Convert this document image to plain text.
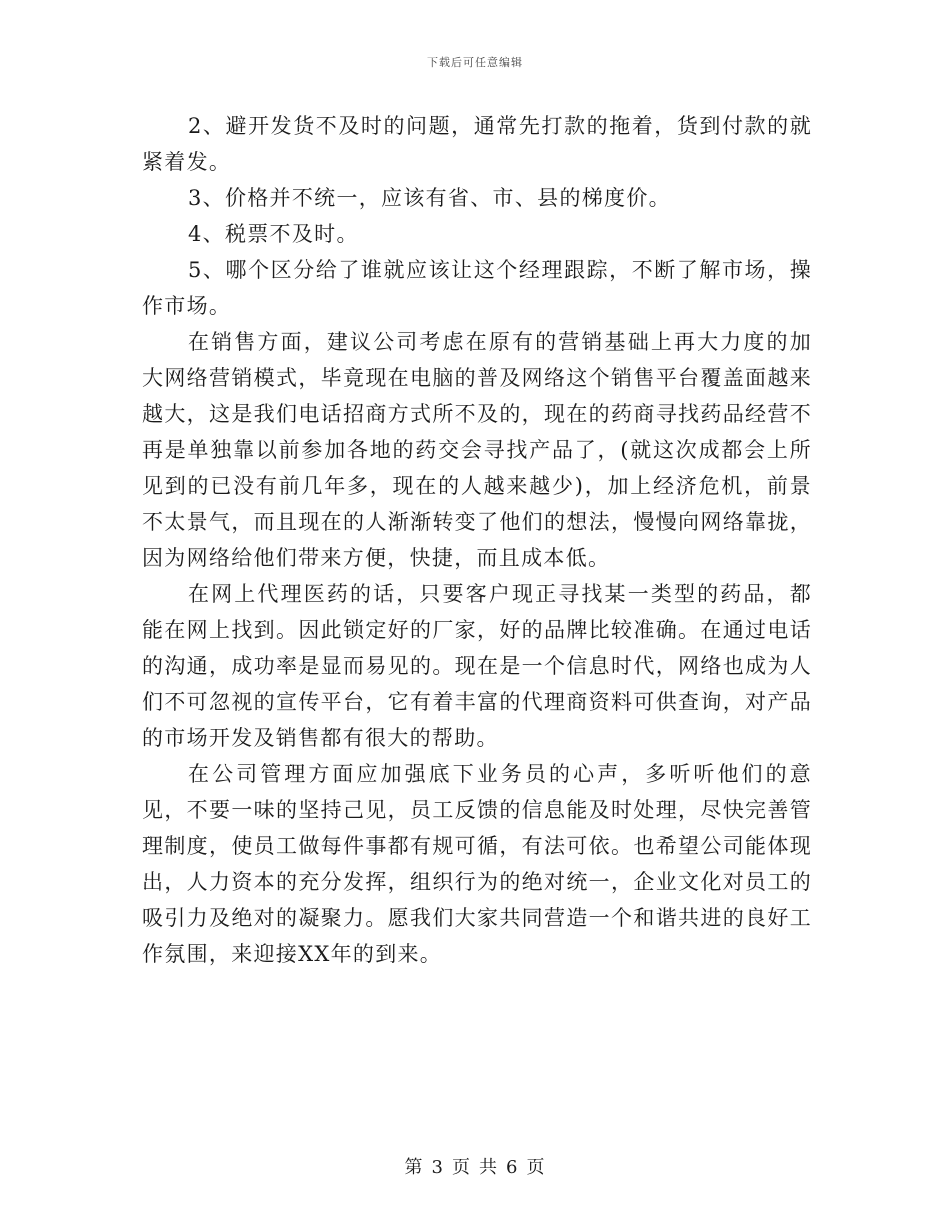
下载后可任意编辑

2、避开发货不及时的问题，通常先打款的拖着，货到付款的就紧着发。

3、价格并不统一，应该有省、市、县的梯度价。

4、税票不及时。

5、哪个区分给了谁就应该让这个经理跟踪，不断了解市场，操作市场。

在销售方面，建议公司考虑在原有的营销基础上再大力度的加大网络营销模式，毕竟现在电脑的普及网络这个销售平台覆盖面越来越大，这是我们电话招商方式所不及的，现在的药商寻找药品经营不再是单独靠以前参加各地的药交会寻找产品了，(就这次成都会上所见到的已没有前几年多，现在的人越来越少)，加上经济危机，前景不太景气，而且现在的人渐渐转变了他们的想法，慢慢向网络靠拢，因为网络给他们带来方便，快捷，而且成本低。

在网上代理医药的话，只要客户现正寻找某一类型的药品，都能在网上找到。因此锁定好的厂家，好的品牌比较准确。在通过电话的沟通，成功率是显而易见的。现在是一个信息时代，网络也成为人们不可忽视的宣传平台，它有着丰富的代理商资料可供查询，对产品的市场开发及销售都有很大的帮助。

在公司管理方面应加强底下业务员的心声，多听听他们的意见，不要一味的坚持己见，员工反馈的信息能及时处理，尽快完善管理制度，使员工做每件事都有规可循，有法可依。也希望公司能体现出，人力资本的充分发挥，组织行为的绝对统一，企业文化对员工的吸引力及绝对的凝聚力。愿我们大家共同营造一个和谐共进的良好工作氛围，来迎接XX年的到来。

第 3 页 共 6 页
